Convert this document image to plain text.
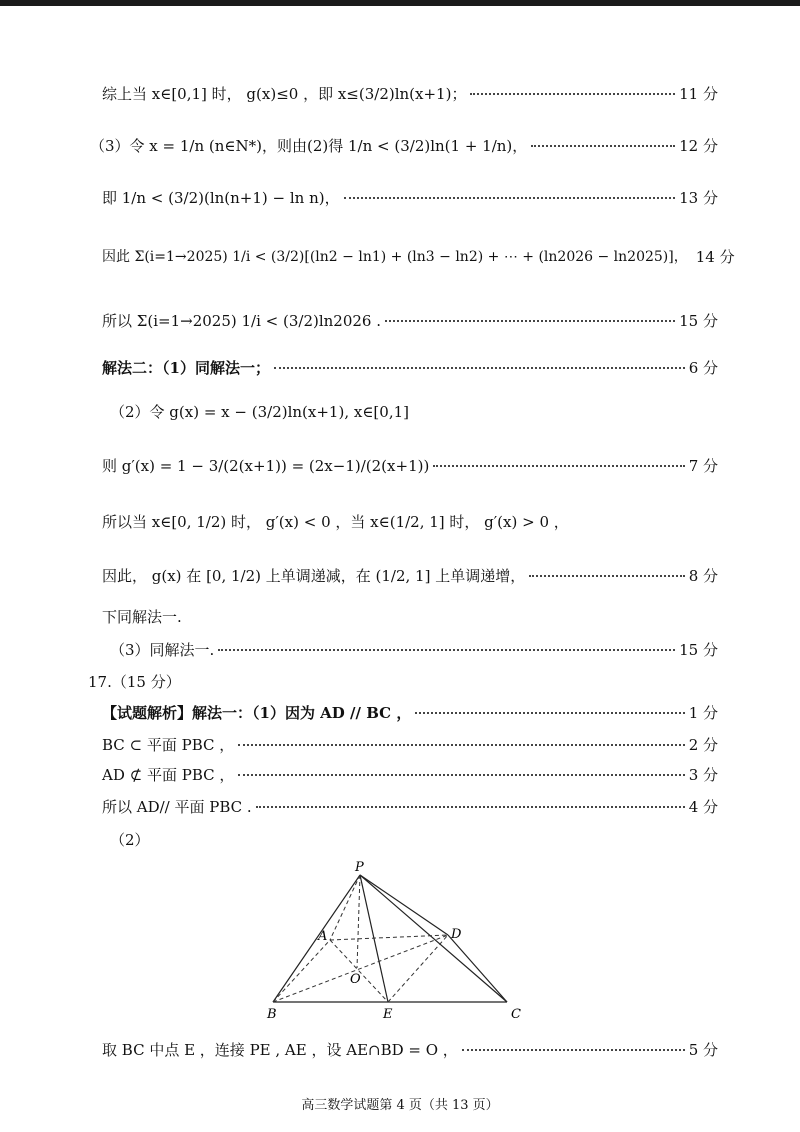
综上当 x∈[0,1] 时， g(x)≤0 ，即 x≤(3/2)ln(x+1)；	11 分
（3）令 x = 1/n (n∈N*)，则由(2)得 1/n < (3/2)ln(1 + 1/n)，	12 分
即 1/n < (3/2)(ln(n+1) − ln n)，	13 分
因此 Σ(i=1→2025) 1/i < (3/2)[(ln2 − ln1) + (ln3 − ln2) + ⋯ + (ln2026 − ln2025)]， 14 分
所以 Σ(i=1→2025) 1/i < (3/2)ln2026 .	15 分
解法二：（1）同解法一；	6 分
（2）令 g(x) = x − (3/2)ln(x+1), x∈[0,1]
则 g′(x) = 1 − 3/(2(x+1)) = (2x−1)/(2(x+1))	7 分
所以当 x∈[0, 1/2) 时， g′(x) < 0 ，当 x∈(1/2, 1] 时， g′(x) > 0 ，
因此， g(x) 在 [0, 1/2) 上单调递减，在 (1/2, 1] 上单调递增，	8 分
下同解法一.
（3）同解法一.	15 分
17.（15 分）
【试题解析】解法一：（1）因为 AD // BC ，	1 分
BC ⊂ 平面 PBC ，	2 分
AD ⊄ 平面 PBC ，	3 分
所以 AD// 平面 PBC .	4 分
（2）
P
A	D
O
B	E	C
取 BC 中点 E ，连接 PE , AE ，设 AE∩BD = O ，	5 分
高三数学试题第 4 页（共 13 页）
